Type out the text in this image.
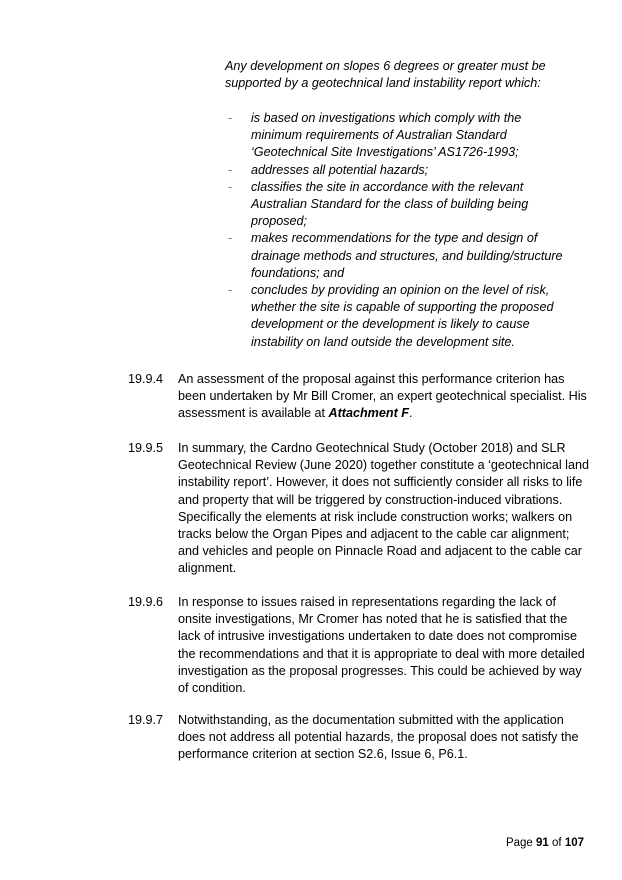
Any development on slopes 6 degrees or greater must be supported by a geotechnical land instability report which:
- is based on investigations which comply with the minimum requirements of Australian Standard ‘Geotechnical Site Investigations’ AS1726-1993;
- addresses all potential hazards;
- classifies the site in accordance with the relevant Australian Standard for the class of building being proposed;
- makes recommendations for the type and design of drainage methods and structures, and building/structure foundations; and
- concludes by providing an opinion on the level of risk, whether the site is capable of supporting the proposed development or the development is likely to cause instability on land outside the development site.
19.9.4 An assessment of the proposal against this performance criterion has been undertaken by Mr Bill Cromer, an expert geotechnical specialist. His assessment is available at Attachment F.
19.9.5 In summary, the Cardno Geotechnical Study (October 2018) and SLR Geotechnical Review (June 2020) together constitute a ‘geotechnical land instability report’. However, it does not sufficiently consider all risks to life and property that will be triggered by construction-induced vibrations. Specifically the elements at risk include construction works; walkers on tracks below the Organ Pipes and adjacent to the cable car alignment; and vehicles and people on Pinnacle Road and adjacent to the cable car alignment.
19.9.6 In response to issues raised in representations regarding the lack of onsite investigations, Mr Cromer has noted that he is satisfied that the lack of intrusive investigations undertaken to date does not compromise the recommendations and that it is appropriate to deal with more detailed investigation as the proposal progresses. This could be achieved by way of condition.
19.9.7 Notwithstanding, as the documentation submitted with the application does not address all potential hazards, the proposal does not satisfy the performance criterion at section S2.6, Issue 6, P6.1.
Page 91 of 107
